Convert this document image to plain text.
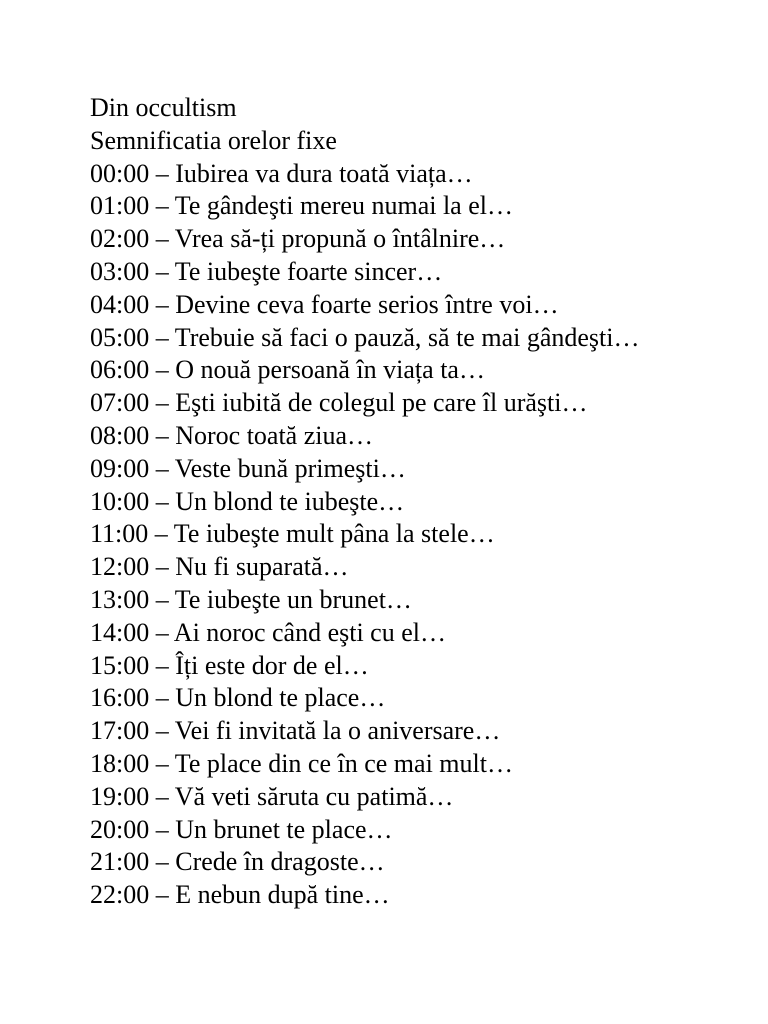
Din occultism
Semnificatia orelor fixe
00:00 – Iubirea va dura toată viața…
01:00 – Te gândeşti mereu numai la el…
02:00 – Vrea să-ți propună o întâlnire…
03:00 – Te iubeşte foarte sincer…
04:00 – Devine ceva foarte serios între voi…
05:00 – Trebuie să faci o pauză, să te mai gândeşti…
06:00 – O nouă persoană în viața ta…
07:00 – Eşti iubită de colegul pe care îl urăşti…
08:00 – Noroc toată ziua…
09:00 – Veste bună primeşti…
10:00 – Un blond te iubeşte…
11:00 – Te iubeşte mult pâna la stele…
12:00 – Nu fi suparată…
13:00 – Te iubeşte un brunet…
14:00 – Ai noroc când eşti cu el…
15:00 – Îți este dor de el…
16:00 – Un blond te place…
17:00 – Vei fi invitată la o aniversare…
18:00 – Te place din ce în ce mai mult…
19:00 – Vă veti săruta cu patimă…
20:00 – Un brunet te place…
21:00 – Crede în dragoste…
22:00 – E nebun după tine…
